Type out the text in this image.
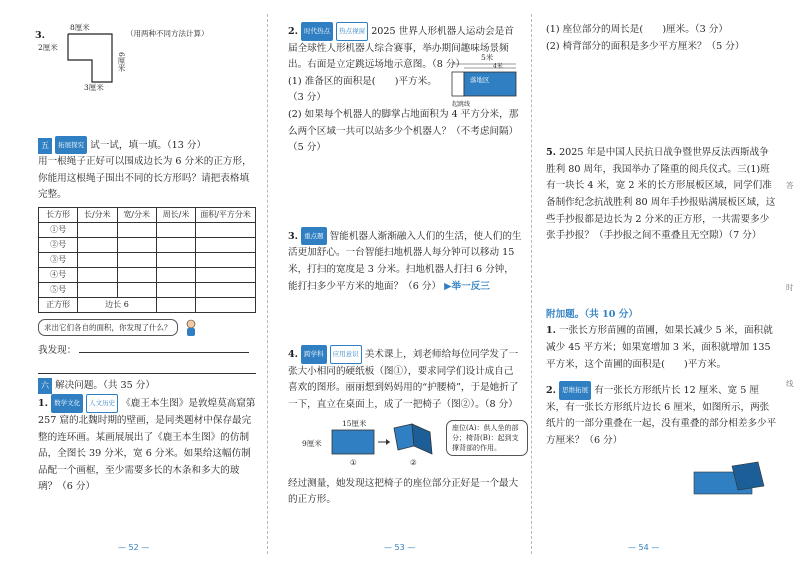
3.
8厘米
6厘米
2厘米
3厘米
（用两种不同方法计算）

五 拓展探究 试一试，填一填。（13 分）

用一根绳子正好可以围成边长为 6 分米的正方形，你能用这根绳子围出不同的长方形吗？请把表格填完整。

长方形	长/分米	宽/分米	周长/米	面积/平方分米
①号				
②号				
③号				
④号				
⑤号				
正方形	边长 6			
求出它们各自的面积，你发现了什么？

我发现：

六 解决问题。（共 35 分）

1. 数学文化 人文历史 《鹿王本生图》是敦煌莫高窟第 257 窟的北魏时期的壁画，是同类题材中保存最完整的连环画。某画展展出了《鹿王本生图》的仿制品，全图长 39 分米，宽 6 分米。如果给这幅仿制品配一个画框，至少需要多长的木条和多大的玻璃？（6 分）

— 52 —

2. 时代热点 热点视窗 2025 世界人形机器人运动会是首届全球性人形机器人综合赛事，举办期间趣味场景频出。右面是立定跳远场地示意图。（8 分）

(1) 准备区的面积是(　　)平方米。（3 分）

5米
4米
落地区
起跳线

(2) 如果每个机器人的脚掌占地面积为 4 平方分米，那么两个区域一共可以站多少个机器人？（不考虑间隔）（5 分）

3. 重点题 智能机器人渐渐融入人们的生活，使人们的生活更加舒心。一台智能扫地机器人每分钟可以移动 15 米，打扫的宽度是 3 分米。扫地机器人打扫 6 分钟，能打扫多少平方米的地面？（6 分） ▶举一反三

4. 跨学科 应用意识 美术课上，刘老师给每位同学发了一张大小相同的硬纸板（图①），要求同学们设计成自己喜欢的图形。丽丽想到妈妈用的“护腰椅”，于是她折了一下，直立在桌面上，成了一把椅子（图②）。（8 分）

15厘米
9厘米
①	②
座位(A)：供人坐的部分；椅背(B)：起到支撑背部的作用。

经过测量，她发现这把椅子的座位部分正好是一个最大的正方形。

— 53 —

(1) 座位部分的周长是(　　)厘米。（3 分）

(2) 椅背部分的面积是多少平方厘米？（5 分）

5. 2025 年是中国人民抗日战争暨世界反法西斯战争胜利 80 周年，我国举办了隆重的阅兵仪式。三(1)班有一块长 4 米，宽 2 米的长方形展板区域，同学们准备制作纪念抗战胜利 80 周年手抄报贴满展板区域，这些手抄报都是边长为 2 分米的正方形，一共需要多少张手抄报？（手抄报之间不重叠且无空隙）（7 分）

附加题。（共 10 分）

1. 一张长方形苗圃的苗圃，如果长减少 5 米，面积就减少 45 平方米；如果宽增加 3 米，面积就增加 135 平方米，这个苗圃的面积是(　　)平方米。

2. 思维拓展 有一张长方形纸片长 12 厘米、宽 5 厘米，有一张长方形纸片边长 6 厘米，如图所示，两张纸片的一部分重叠在一起，没有重叠的部分相差多少平方厘米？（6 分）

— 54 —
答
时
线
